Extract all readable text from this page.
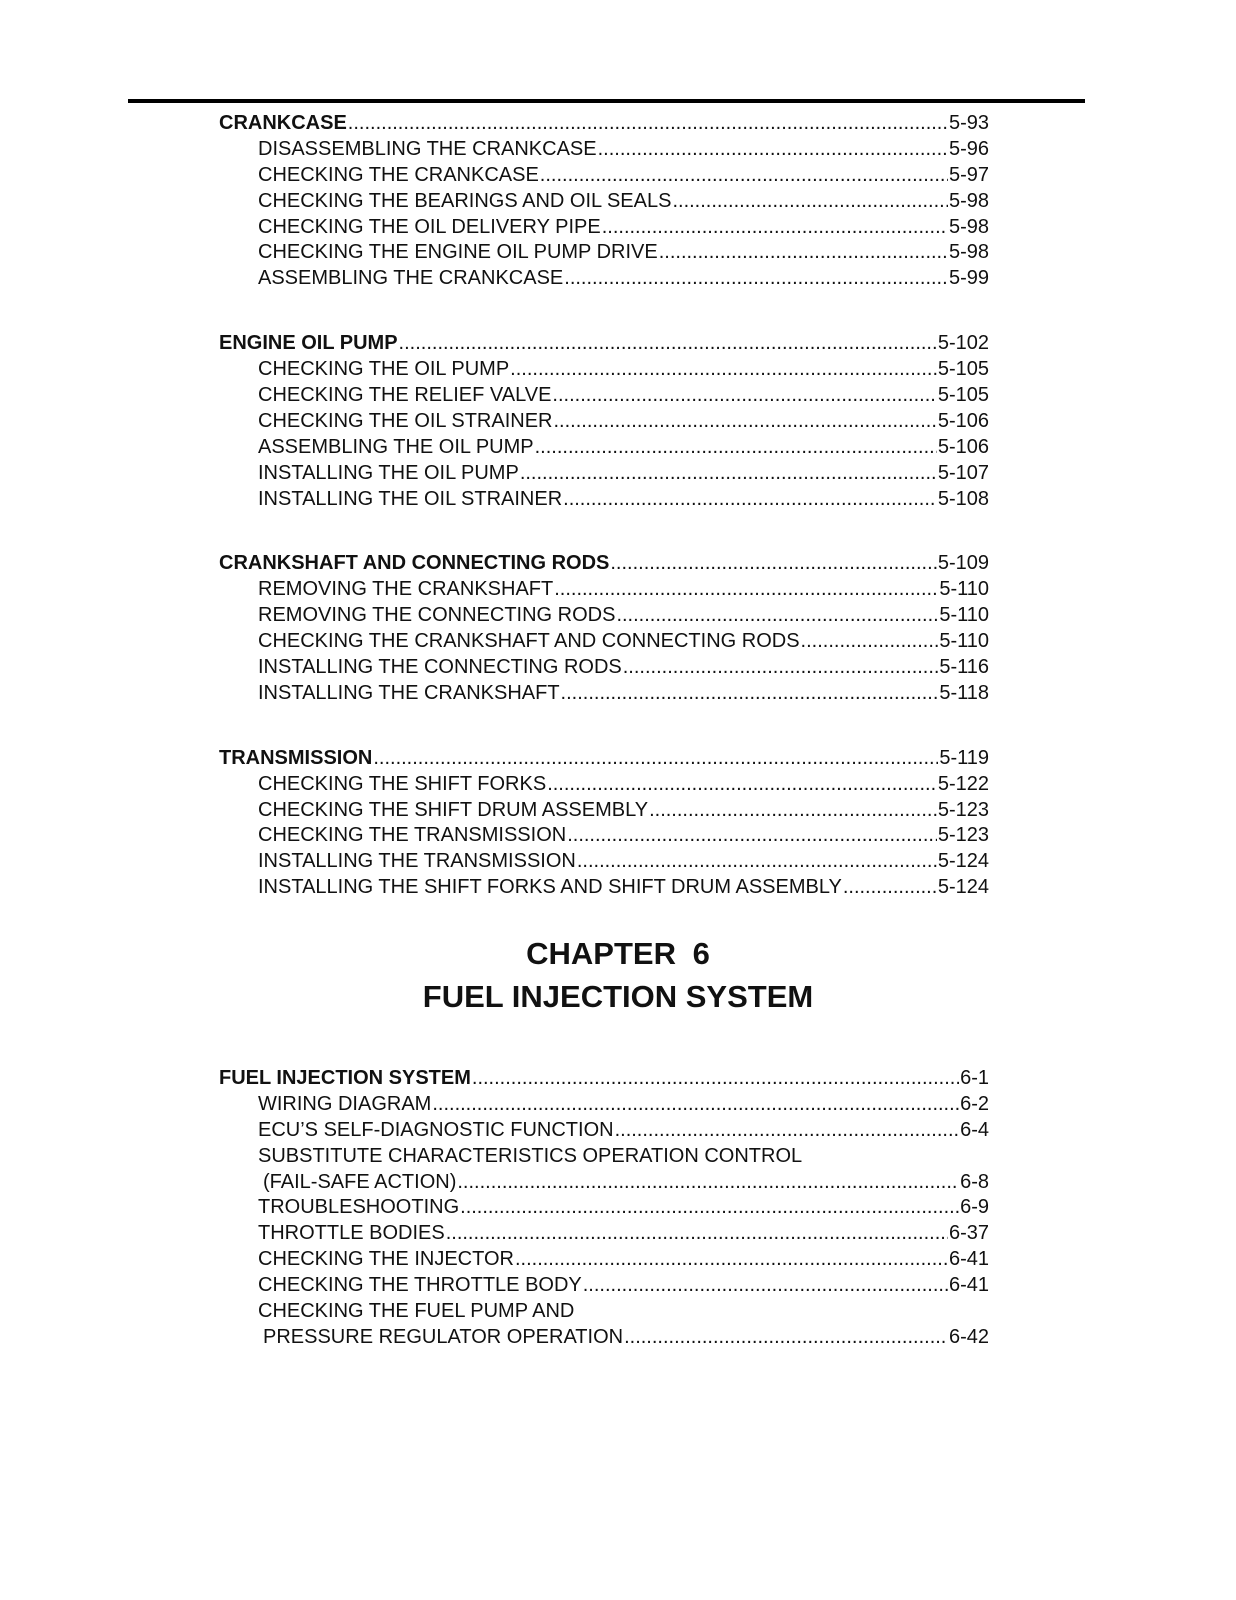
CRANKCASE .....	5-93
DISASSEMBLING THE CRANKCASE .....	5-96
CHECKING THE CRANKCASE .....	5-97
CHECKING THE BEARINGS AND OIL SEALS .....	5-98
CHECKING THE OIL DELIVERY PIPE .....	5-98
CHECKING THE ENGINE OIL PUMP DRIVE .....	5-98
ASSEMBLING THE CRANKCASE .....	5-99
ENGINE OIL PUMP .....	5-102
CHECKING THE OIL PUMP .....	5-105
CHECKING THE RELIEF VALVE .....	5-105
CHECKING THE OIL STRAINER .....	5-106
ASSEMBLING THE OIL PUMP .....	5-106
INSTALLING THE OIL PUMP .....	5-107
INSTALLING THE OIL STRAINER .....	5-108
CRANKSHAFT AND CONNECTING RODS .....	5-109
REMOVING THE CRANKSHAFT .....	5-110
REMOVING THE CONNECTING RODS .....	5-110
CHECKING THE CRANKSHAFT AND CONNECTING RODS .....	5-110
INSTALLING THE CONNECTING RODS .....	5-116
INSTALLING THE CRANKSHAFT .....	5-118
TRANSMISSION .....	5-119
CHECKING THE SHIFT FORKS .....	5-122
CHECKING THE SHIFT DRUM ASSEMBLY .....	5-123
CHECKING THE TRANSMISSION .....	5-123
INSTALLING THE TRANSMISSION .....	5-124
INSTALLING THE SHIFT FORKS AND SHIFT DRUM ASSEMBLY .....	5-124
CHAPTER 6
FUEL INJECTION SYSTEM
FUEL INJECTION SYSTEM .....	6-1
WIRING DIAGRAM .....	6-2
ECU’S SELF-DIAGNOSTIC FUNCTION .....	6-4
SUBSTITUTE CHARACTERISTICS OPERATION CONTROL
(FAIL-SAFE ACTION) .....	6-8
TROUBLESHOOTING .....	6-9
THROTTLE BODIES .....	6-37
CHECKING THE INJECTOR .....	6-41
CHECKING THE THROTTLE BODY .....	6-41
CHECKING THE FUEL PUMP AND
PRESSURE REGULATOR OPERATION .....	6-42
